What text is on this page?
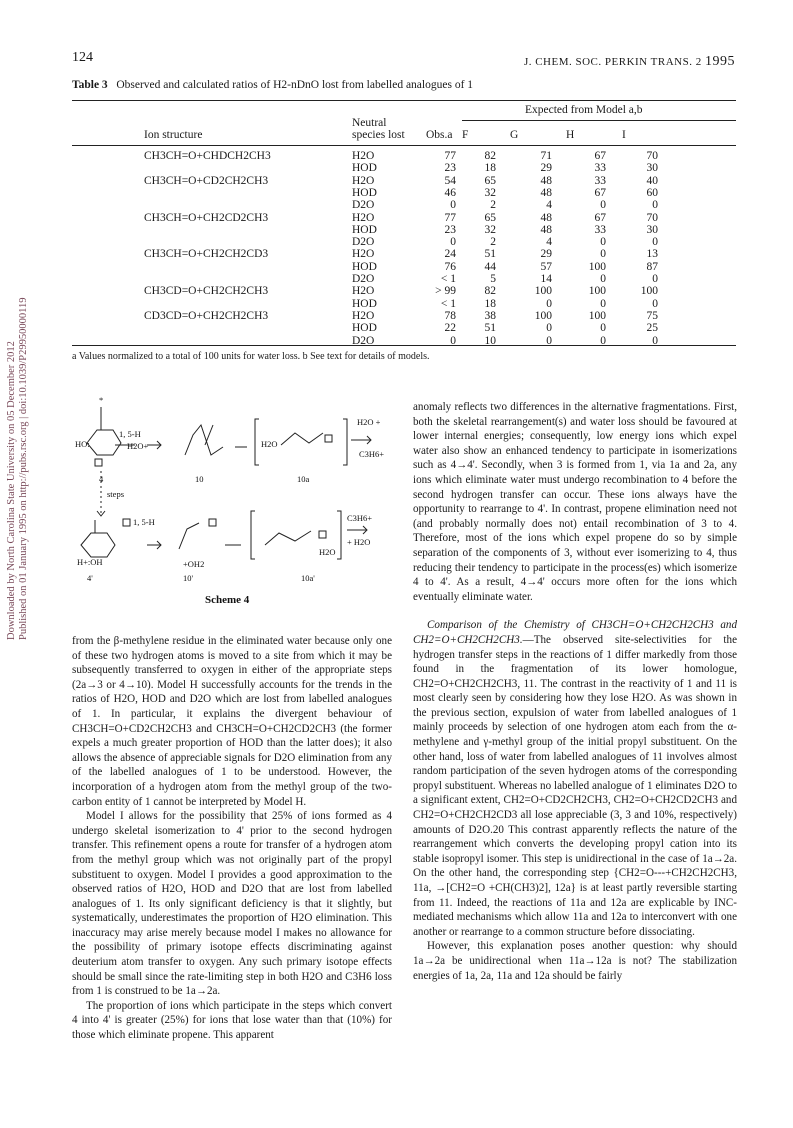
Downloaded by North Carolina State University on 05 December 2012 Published on 01 January 1995 on http://pubs.rsc.org | doi:10.1039/P29950000119
124	J. CHEM. SOC. PERKIN TRANS. 2 1995
Table 3 Observed and calculated ratios of H2-nDnO lost from labelled analogues of 1
Expected from Model a,b
Neutral
Ion structure	species lost Obs.a F	G	H	I
CH3CH=O+CHDCH2CH3	H2O	77	82	71	67	70
HOD	23	18	29	33	30
CH3CH=O+CD2CH2CH3	H2O	54	65	48	33	40
HOD	46	32	48	67	60
D2O	0	2	4	0	0
CH3CH=O+CH2CD2CH3	H2O	77	65	48	67	70
HOD	23	32	48	33	30
D2O	0	2	4	0	0
CH3CH=O+CH2CH2CD3	H2O	24	51	29	0	13
HOD	76	44	57	100	87
D2O	< 1	5	14	0	0
CH3CD=O+CH2CH2CH3	H2O	> 99	82	100	100	100
HOD	< 1	18	0	0	0
CD3CD=O+CH2CH2CH3	H2O	78	38	100	100	75
HOD	22	51	0	0	25
D2O	0	10	0	0	0
a Values normalized to a total of 100 units for water loss. b See text for details of models.
*
HO:
1, 5-H
H2O+
4	10	10a
H2O
H2O +
C3H6+
steps
1, 5-H
H+:OH	+OH2
H2O
C3H6+
+ H2O
4'	10'	10a'
Scheme 4

from the β-methylene residue in the eliminated water because only one of these two hydrogen atoms is moved to a site from which it may be subsequently transferred to oxygen in either of the appropriate steps (2a→3 or 4→10). Model H successfully accounts for the trends in the ratios of H2O, HOD and D2O which are lost from labelled analogues of 1. In particular, it explains the divergent behaviour of CH3CH=O+CD2CH2CH3 and CH3CH=O+CH2CD2CH3 (the former expels a much greater proportion of HOD than the latter does); it also allows the absence of appreciable signals for D2O elimination from any of the labelled analogues of 1 to be understood. However, the incorporation of a hydrogen atom from the methyl group of the two-carbon entity of 1 cannot be interpreted by Model H.

Model I allows for the possibility that 25% of ions formed as 4 undergo skeletal isomerization to 4' prior to the second hydrogen transfer. This refinement opens a route for transfer of a hydrogen atom from the methyl group which was not originally part of the propyl substituent to oxygen. Model I provides a good approximation to the observed ratios of H2O, HOD and D2O that are lost from labelled analogues of 1. Its only significant deficiency is that it slightly, but systematically, underestimates the proportion of H2O elimination. This inaccuracy may arise merely because model I makes no allowance for the possibility of primary isotope effects discriminating against deuterium atom transfer to oxygen. Any such primary isotope effects should be small since the rate-limiting step in both H2O and C3H6 loss from 1 is construed to be 1a→2a.

The proportion of ions which participate in the steps which convert 4 into 4' is greater (25%) for ions that lose water than that (10%) for those which eliminate propene. This apparent

anomaly reflects two differences in the alternative fragmentations. First, both the skeletal rearrangement(s) and water loss should be favoured at lower internal energies; consequently, low energy ions which expel water also show an enhanced tendency to participate in isomerizations such as 4→4'. Secondly, when 3 is formed from 1, via 1a and 2a, any ions which eliminate water must undergo recombination to 4 before the second hydrogen transfer can occur. These ions always have the opportunity to rearrange to 4'. In contrast, propene elimination need not (and probably normally does not) entail recombination of 3 to 4. Therefore, most of the ions which expel propene do so by simple separation of the components of 3, without ever isomerizing to 4, thus reducing their tendency to participate in the process(es) which isomerize 4 to 4'. As a result, 4→4' occurs more often for the ions which eventually eliminate water.

Comparison of the Chemistry of CH3CH=O+CH2CH2CH3 and CH2=O+CH2CH2CH3.—The observed site-selectivities for the hydrogen transfer steps in the reactions of 1 differ markedly from those found in the fragmentation of its lower homologue, CH2=O+CH2CH2CH3, 11. The contrast in the reactivity of 1 and 11 is most clearly seen by considering how they lose H2O. As was shown in the previous section, expulsion of water from labelled analogues of 1 mainly proceeds by selection of one hydrogen atom each from the α-methylene and γ-methyl group of the initial propyl substituent. On the other hand, loss of water from labelled analogues of 11 involves almost random participation of the seven hydrogen atoms of the corresponding propyl substituent. Whereas no labelled analogue of 1 eliminates D2O to a significant extent, CH2=O+CD2CH2CH3, CH2=O+CH2CD2CH3 and CH2=O+CH2CH2CD3 all lose appreciable (3, 3 and 10%, respectively) amounts of D2O.20 This contrast apparently reflects the nature of the rearrangement which converts the developing propyl cation into its stable isopropyl isomer. This step is unidirectional in the case of 1a→2a. On the other hand, the corresponding step {CH2=O---+CH2CH2CH3, 11a, →[CH2=O +CH(CH3)2], 12a} is at least partly reversible starting from 11. Indeed, the reactions of 11a and 12a are explicable by INC-mediated mechanisms which allow 11a and 12a to interconvert with one another or rearrange to a common structure before dissociating.

However, this explanation poses another question: why should 1a→2a be unidirectional when 11a→12a is not? The stabilization energies of 1a, 2a, 11a and 12a should be fairly
